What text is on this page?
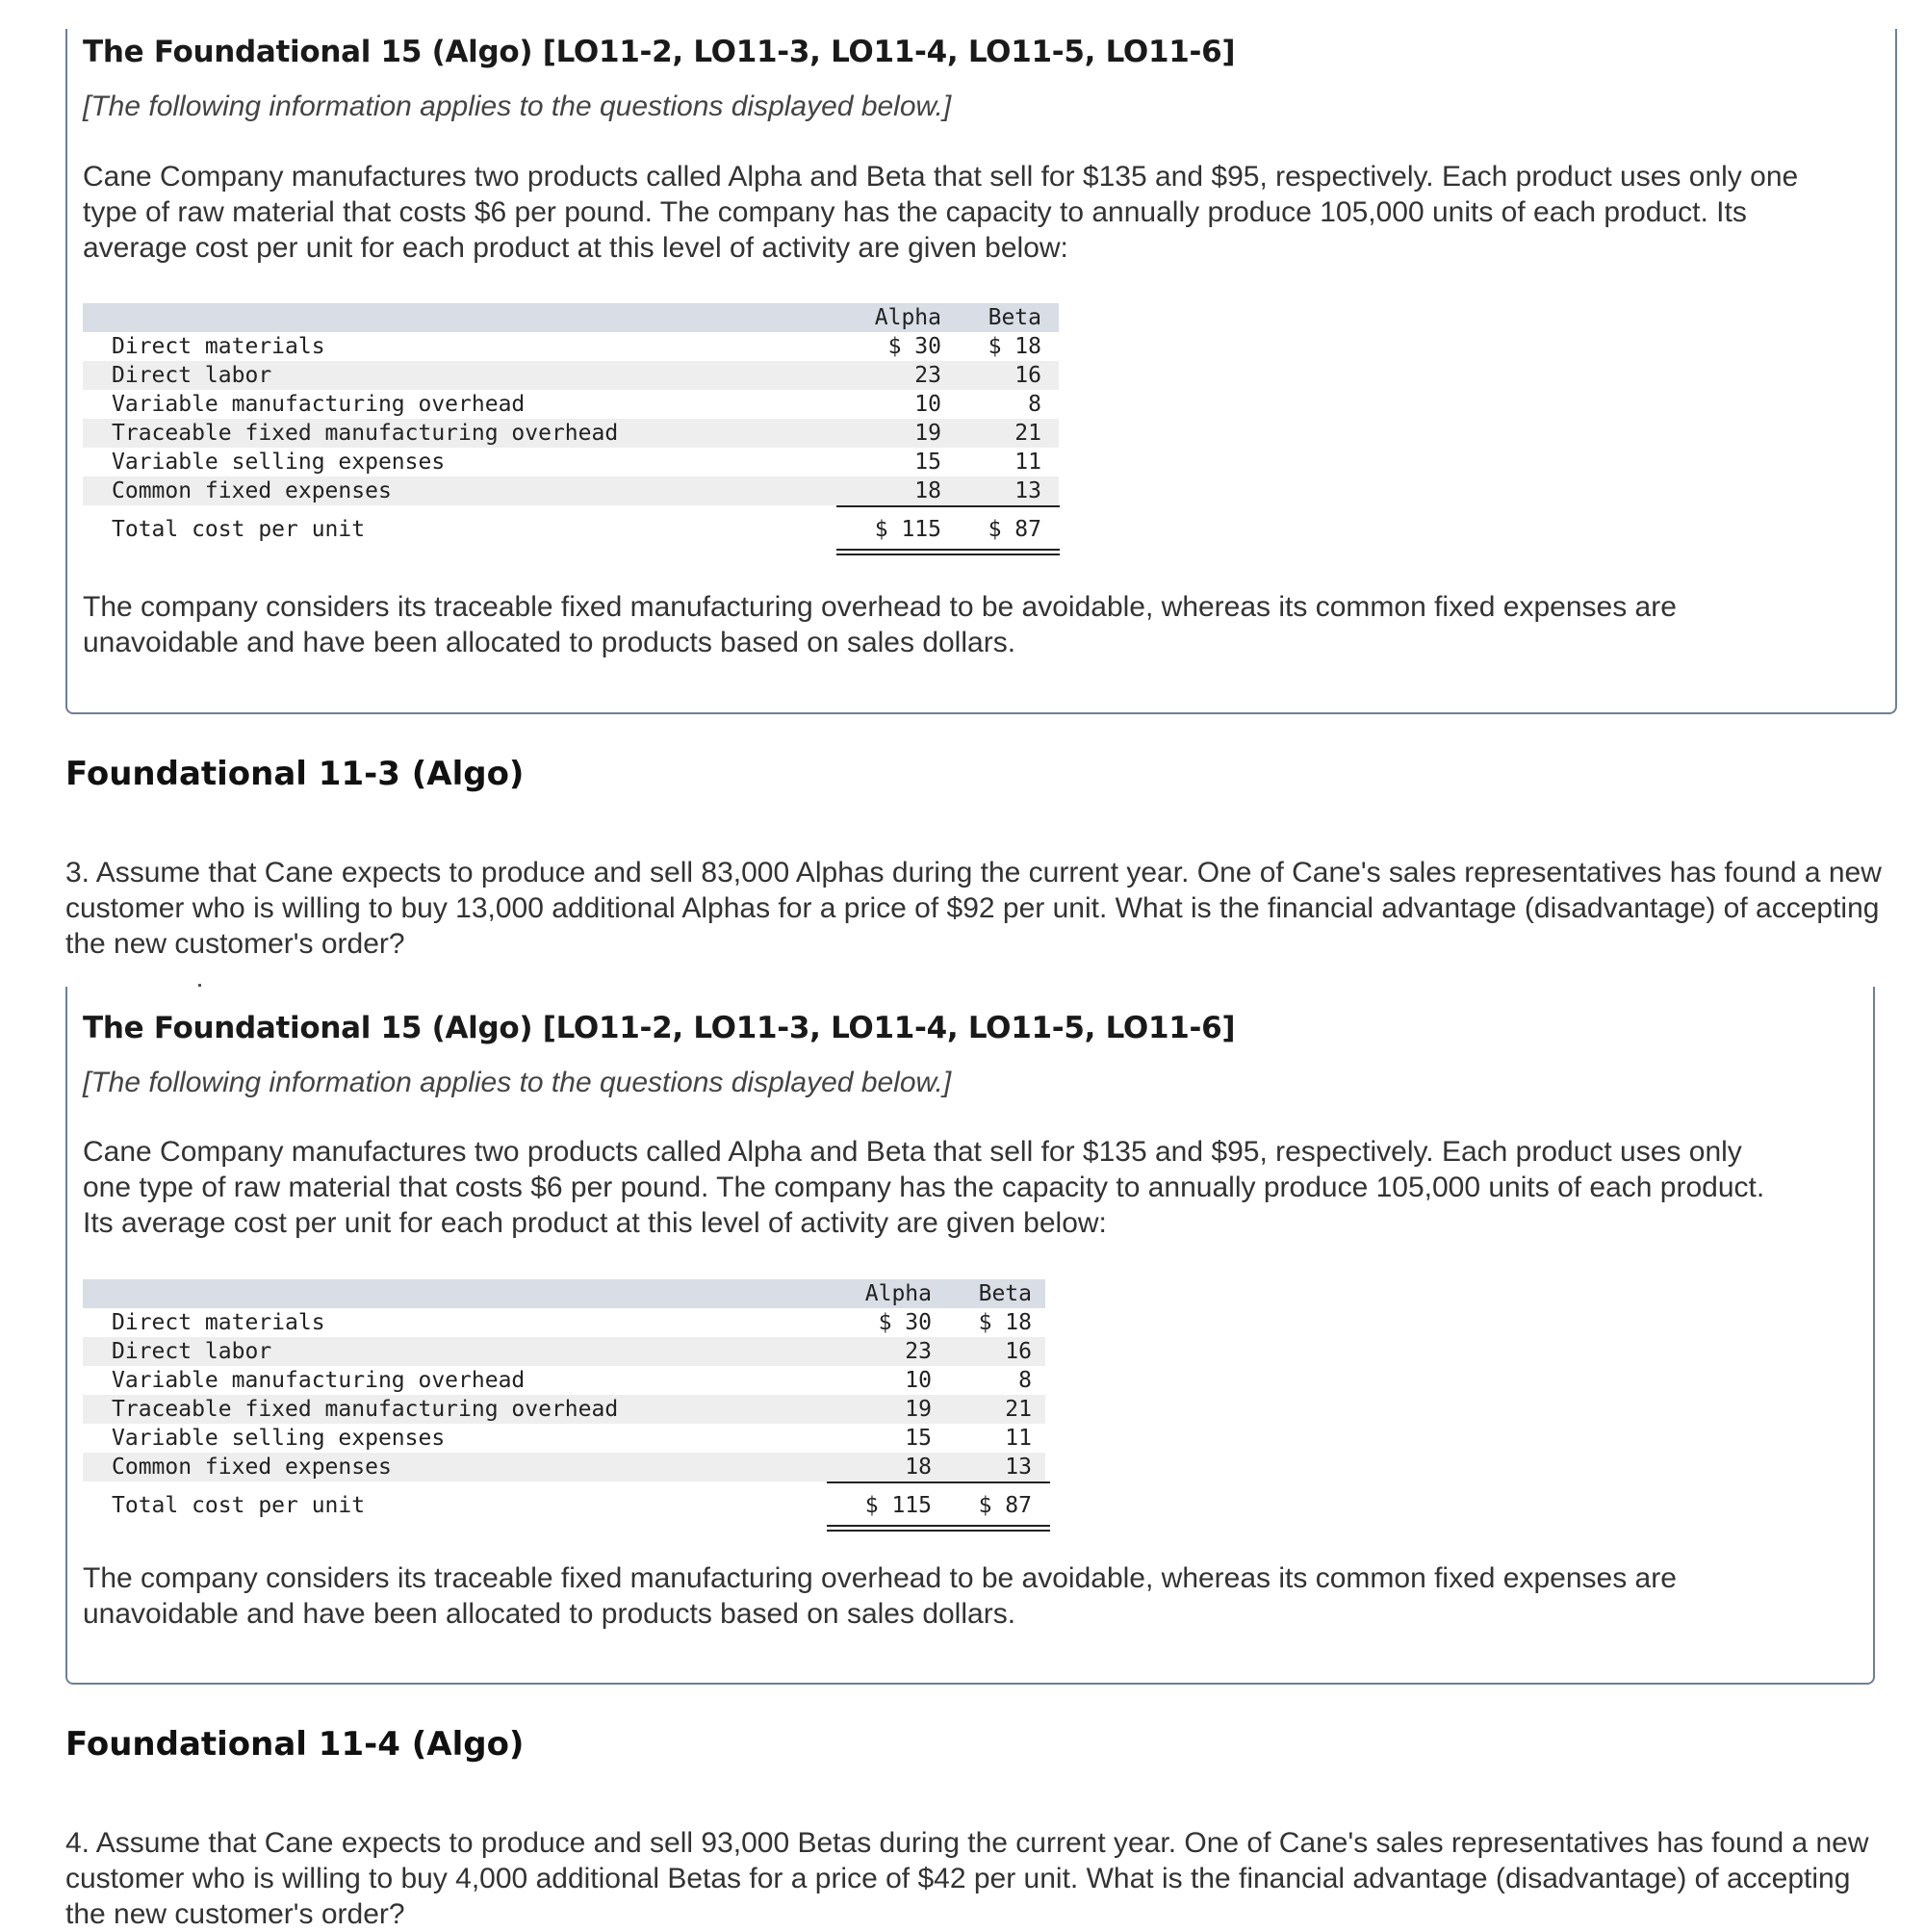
The Foundational 15 (Algo) [LO11-2, LO11-3, LO11-4, LO11-5, LO11-6]
[The following information applies to the questions displayed below.]
Cane Company manufactures two products called Alpha and Beta that sell for $135 and $95, respectively. Each product uses only one type of raw material that costs $6 per pound. The company has the capacity to annually produce 105,000 units of each product. Its average cost per unit for each product at this level of activity are given below:
Alpha	Beta
Direct materials	$ 30	$ 18
Direct labor	23	16
Variable manufacturing overhead	10	8
Traceable fixed manufacturing overhead	19	21
Variable selling expenses	15	11
Common fixed expenses	18	13
Total cost per unit	$ 115	$ 87
The company considers its traceable fixed manufacturing overhead to be avoidable, whereas its common fixed expenses are unavoidable and have been allocated to products based on sales dollars.
Foundational 11-3 (Algo)
3. Assume that Cane expects to produce and sell 83,000 Alphas during the current year. One of Cane's sales representatives has found a new customer who is willing to buy 13,000 additional Alphas for a price of $92 per unit. What is the financial advantage (disadvantage) of accepting the new customer's order?
The Foundational 15 (Algo) [LO11-2, LO11-3, LO11-4, LO11-5, LO11-6]
[The following information applies to the questions displayed below.]
Cane Company manufactures two products called Alpha and Beta that sell for $135 and $95, respectively. Each product uses only one type of raw material that costs $6 per pound. The company has the capacity to annually produce 105,000 units of each product. Its average cost per unit for each product at this level of activity are given below:
Alpha	Beta
Direct materials	$ 30	$ 18
Direct labor	23	16
Variable manufacturing overhead	10	8
Traceable fixed manufacturing overhead	19	21
Variable selling expenses	15	11
Common fixed expenses	18	13
Total cost per unit	$ 115	$ 87
The company considers its traceable fixed manufacturing overhead to be avoidable, whereas its common fixed expenses are unavoidable and have been allocated to products based on sales dollars.
Foundational 11-4 (Algo)
4. Assume that Cane expects to produce and sell 93,000 Betas during the current year. One of Cane's sales representatives has found a new customer who is willing to buy 4,000 additional Betas for a price of $42 per unit. What is the financial advantage (disadvantage) of accepting the new customer's order?
